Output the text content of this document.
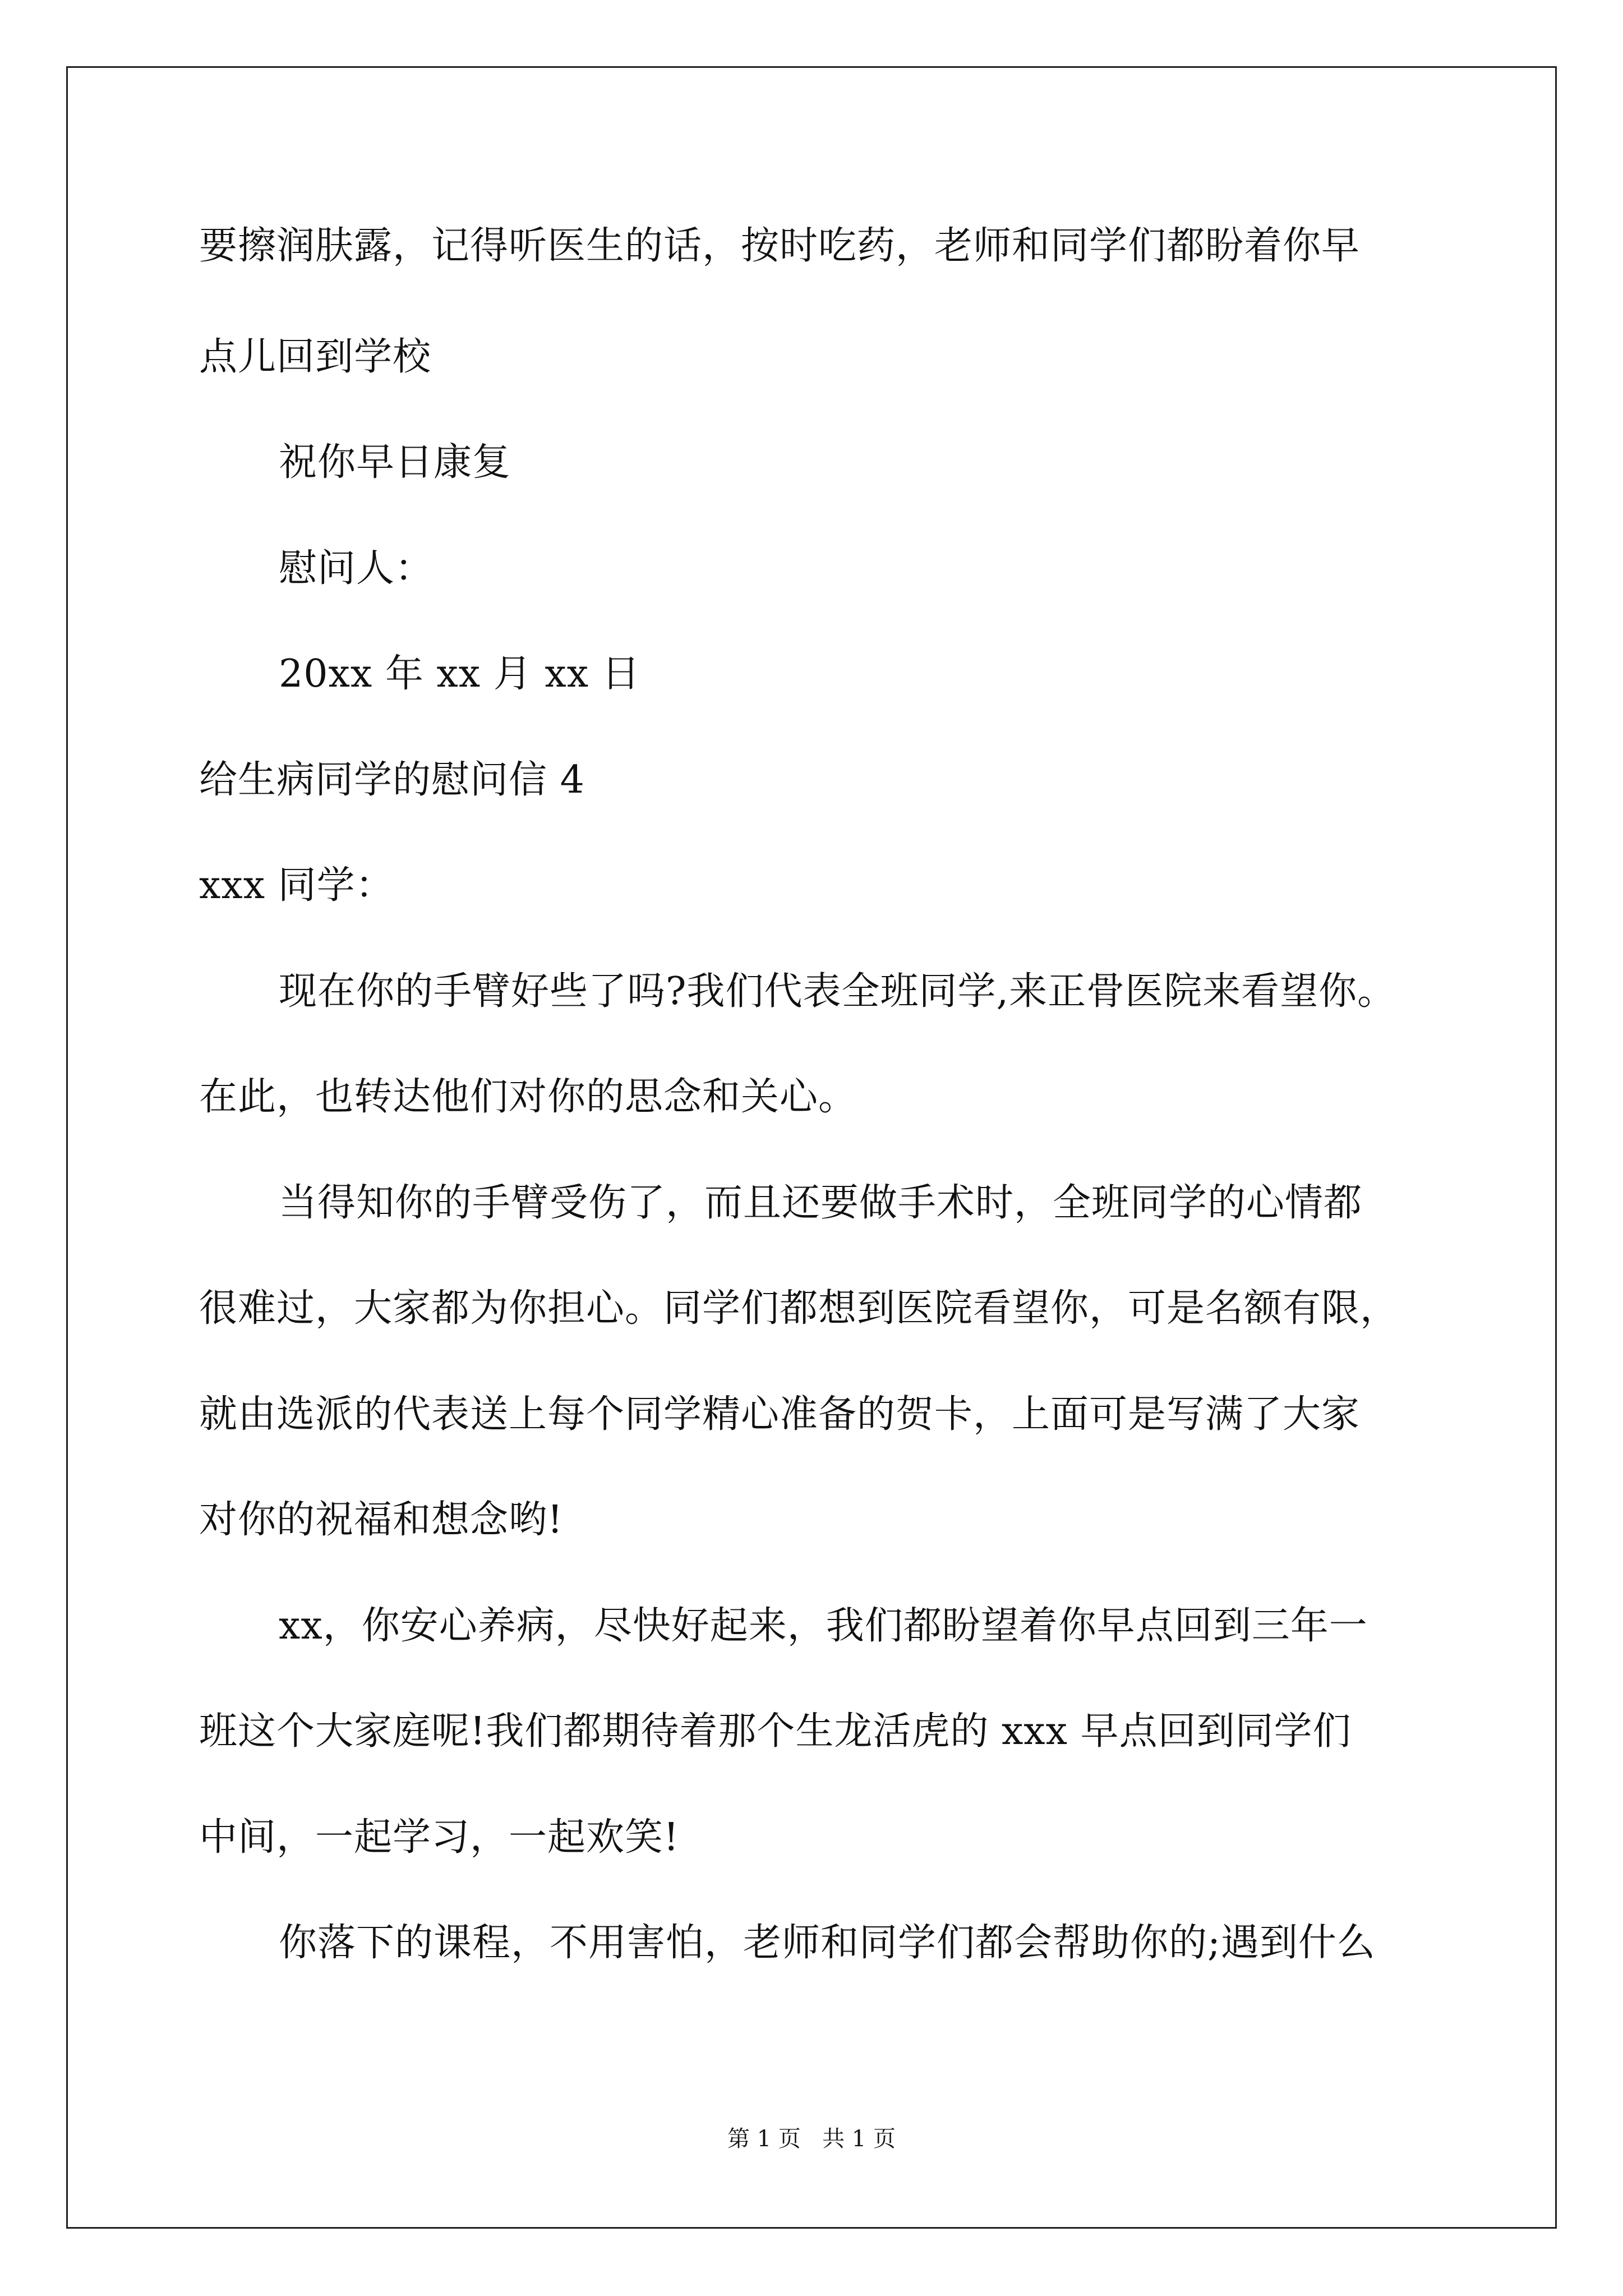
要擦润肤露，记得听医生的话，按时吃药，老师和同学们都盼着你早
点儿回到学校
祝你早日康复
慰问人：
20xx 年 xx 月 xx 日
给生病同学的慰问信 4
xxx 同学：
现在你的手臂好些了吗?我们代表全班同学,来正骨医院来看望你。
在此，也转达他们对你的思念和关心。
当得知你的手臂受伤了，而且还要做手术时，全班同学的心情都
很难过，大家都为你担心。同学们都想到医院看望你，可是名额有限，
就由选派的代表送上每个同学精心准备的贺卡，上面可是写满了大家
对你的祝福和想念哟!
xx，你安心养病，尽快好起来，我们都盼望着你早点回到三年一
班这个大家庭呢!我们都期待着那个生龙活虎的 xxx 早点回到同学们
中间，一起学习，一起欢笑!
你落下的课程，不用害怕，老师和同学们都会帮助你的;遇到什么
第 1 页   共 1 页
